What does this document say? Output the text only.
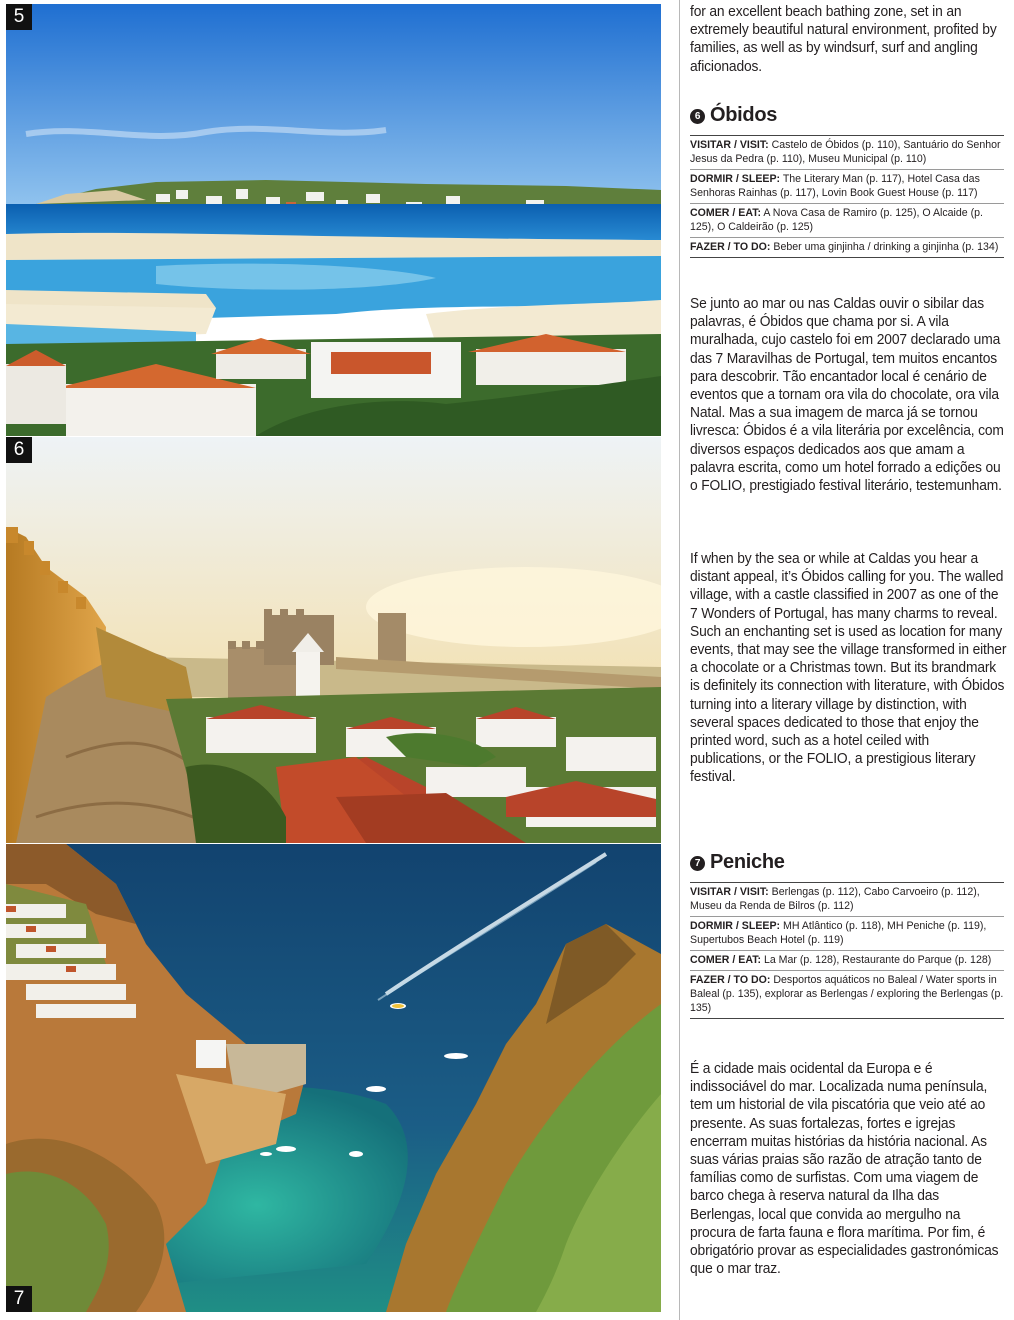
5
6
7

for an excellent beach bathing zone, set in an extremely beautiful natural environment, profited by families, as well as by windsurf, surf and angling aficionados.

6 Óbidos
VISITAR / VISIT: Castelo de Óbidos (p. 110), Santuário do Senhor Jesus da Pedra (p. 110), Museu Municipal (p. 110)
DORMIR / SLEEP: The Literary Man (p. 117), Hotel Casa das Senhoras Rainhas (p. 117), Lovin Book Guest House (p. 117)
COMER / EAT: A Nova Casa de Ramiro (p. 125), O Alcaide (p. 125), O Caldeirão (p. 125)
FAZER / TO DO: Beber uma ginjinha / drinking a ginjinha (p. 134)

Se junto ao mar ou nas Caldas ouvir o sibilar das palavras, é Óbidos que chama por si. A vila muralhada, cujo castelo foi em 2007 declarado uma das 7 Maravilhas de Portugal, tem muitos encantos para descobrir. Tão encantador local é cenário de eventos que a tornam ora vila do chocolate, ora vila Natal. Mas a sua imagem de marca já se tornou livresca: Óbidos é a vila literária por excelência, com diversos espaços dedicados aos que amam a palavra escrita, como um hotel forrado a edições ou o FOLIO, prestigiado festival literário, testemunham.

If when by the sea or while at Caldas you hear a distant appeal, it’s Óbidos calling for you. The walled village, with a castle classified in 2007 as one of the 7 Wonders of Portugal, has many charms to reveal. Such an enchanting set is used as location for many events, that may see the village transformed in either a chocolate or a Christmas town. But its brandmark is definitely its connection with literature, with Óbidos turning into a literary village by distinction, with several spaces dedicated to those that enjoy the printed word, such as a hotel ceiled with publications, or the FOLIO, a prestigious literary festival.

7 Peniche
VISITAR / VISIT: Berlengas (p. 112), Cabo Carvoeiro (p. 112), Museu da Renda de Bilros (p. 112)
DORMIR / SLEEP: MH Atlântico (p. 118), MH Peniche (p. 119), Supertubos Beach Hotel (p. 119)
COMER / EAT: La Mar (p. 128), Restaurante do Parque (p. 128)
FAZER / TO DO: Desportos aquáticos no Baleal / Water sports in Baleal (p. 135), explorar as Berlengas / exploring the Berlengas (p. 135)

É a cidade mais ocidental da Europa e é indissociável do mar. Localizada numa península, tem um historial de vila piscatória que veio até ao presente. As suas fortalezas, fortes e igrejas encerram muitas histórias da história nacional. As suas várias praias são razão de atração tanto de famílias como de surfistas. Com uma viagem de barco chega à reserva natural da Ilha das Berlengas, local que convida ao mergulho na procura de farta fauna e flora marítima. Por fim, é obrigatório provar as especialidades gastronómicas que o mar traz.
